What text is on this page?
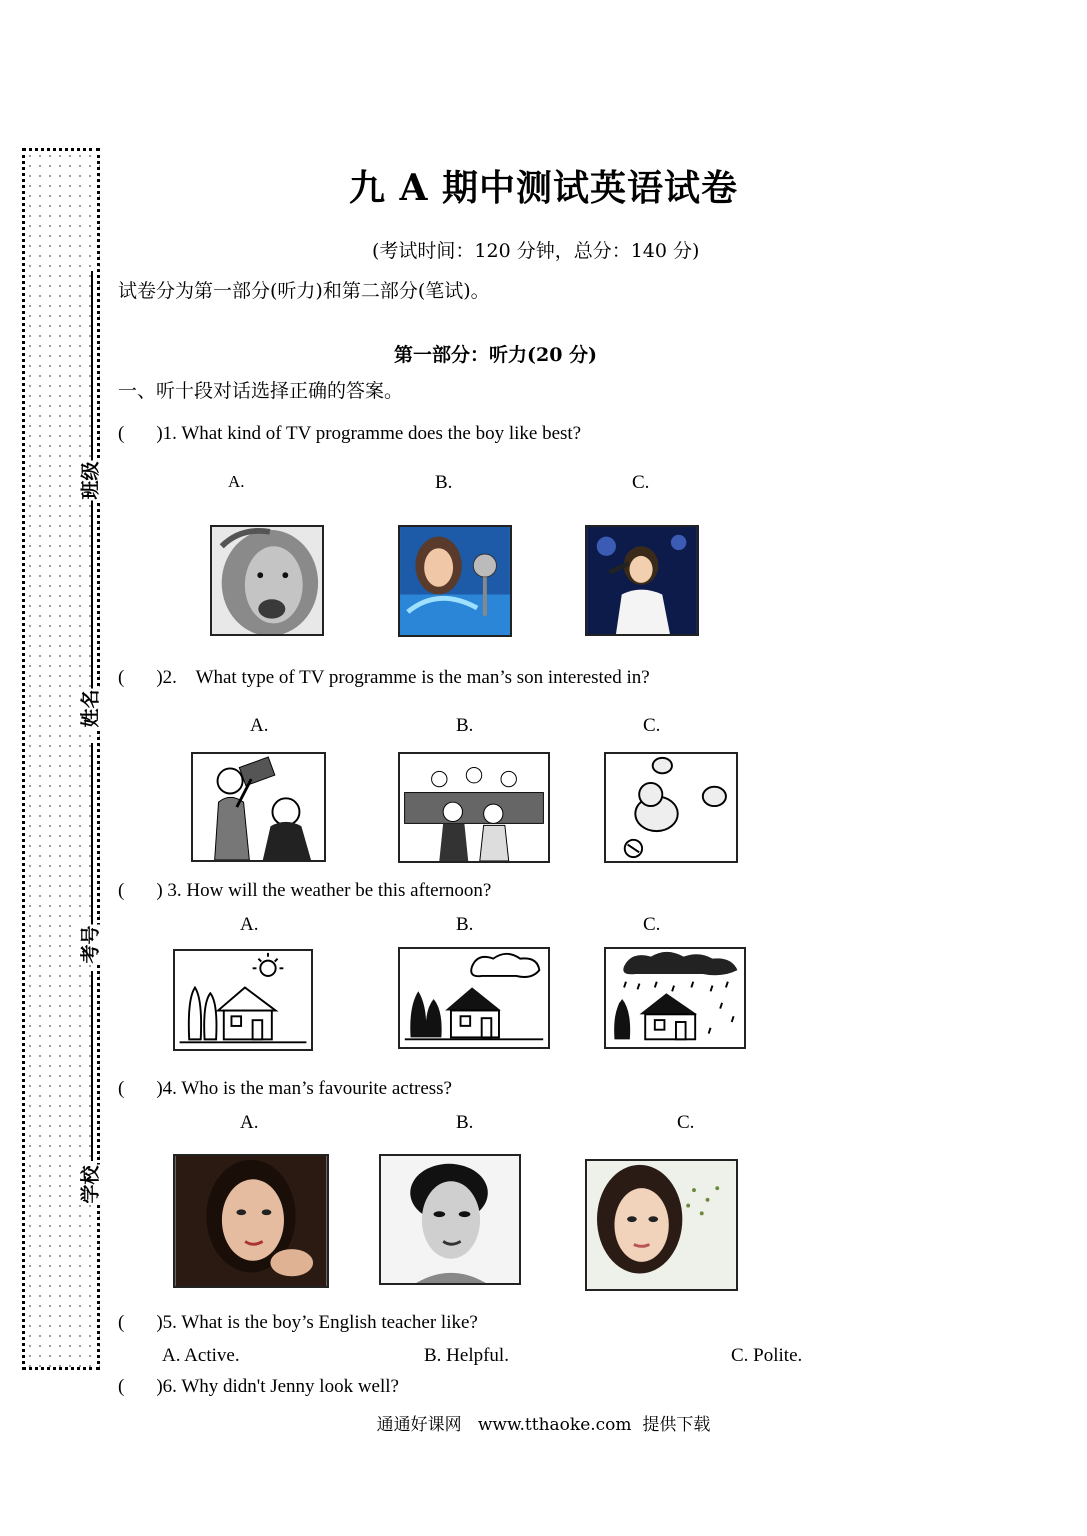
班级
姓名
考号
学校
九 A 期中测试英语试卷
(考试时间：120 分钟，总分：140 分)
试卷分为第一部分(听力)和第二部分(笔试)。
第一部分：听力(20 分)
一、听十段对话选择正确的答案。
( )1. What kind of TV programme does the boy like best?
A.	B.	C.
( )2.    What type of TV programme is the man’s son interested in?
A.	B.	C.
( ) 3. How will the weather be this afternoon?
A.	B.	C.
( )4. Who is the man’s favourite actress?
A.	B.	C.
( )5. What is the boy’s English teacher like?
A. Active.	B. Helpful.	C. Polite.
( )6. Why didn't Jenny look well?
通通好课网   www.tthaoke.com  提供下载
